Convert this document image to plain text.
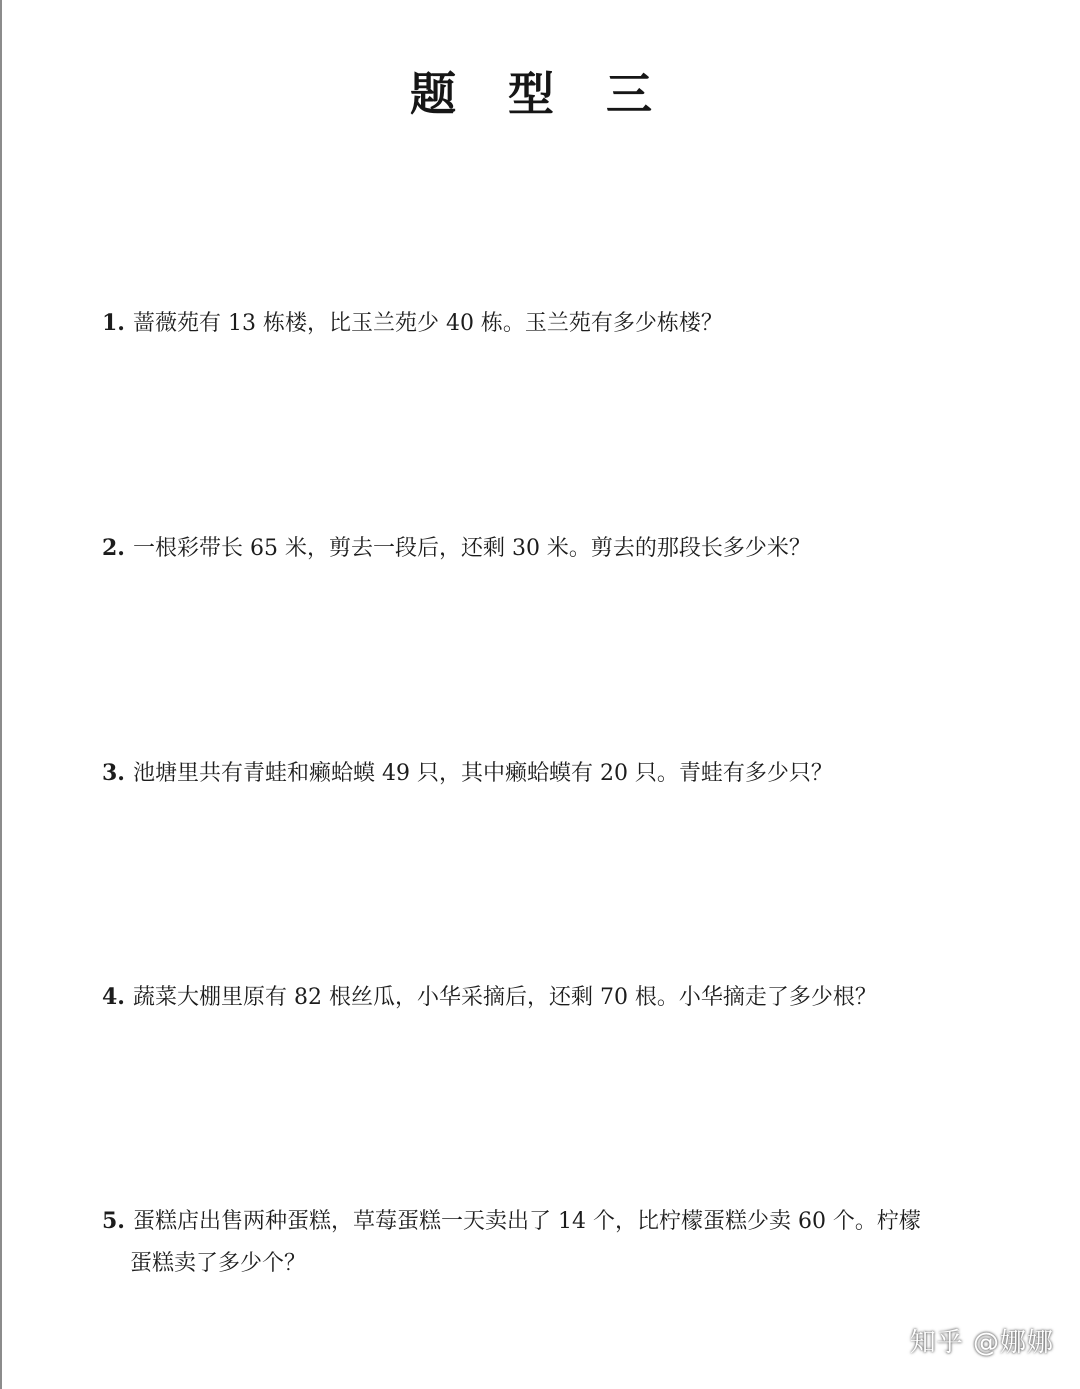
题 型 三
1. 蔷薇苑有 13 栋楼，比玉兰苑少 40 栋。玉兰苑有多少栋楼？
2. 一根彩带长 65 米，剪去一段后，还剩 30 米。剪去的那段长多少米？
3. 池塘里共有青蛙和癞蛤蟆 49 只，其中癞蛤蟆有 20 只。青蛙有多少只？
4. 蔬菜大棚里原有 82 根丝瓜，小华采摘后，还剩 70 根。小华摘走了多少根？
5. 蛋糕店出售两种蛋糕，草莓蛋糕一天卖出了 14 个，比柠檬蛋糕少卖 60 个。柠檬
蛋糕卖了多少个？
知乎 @娜娜
